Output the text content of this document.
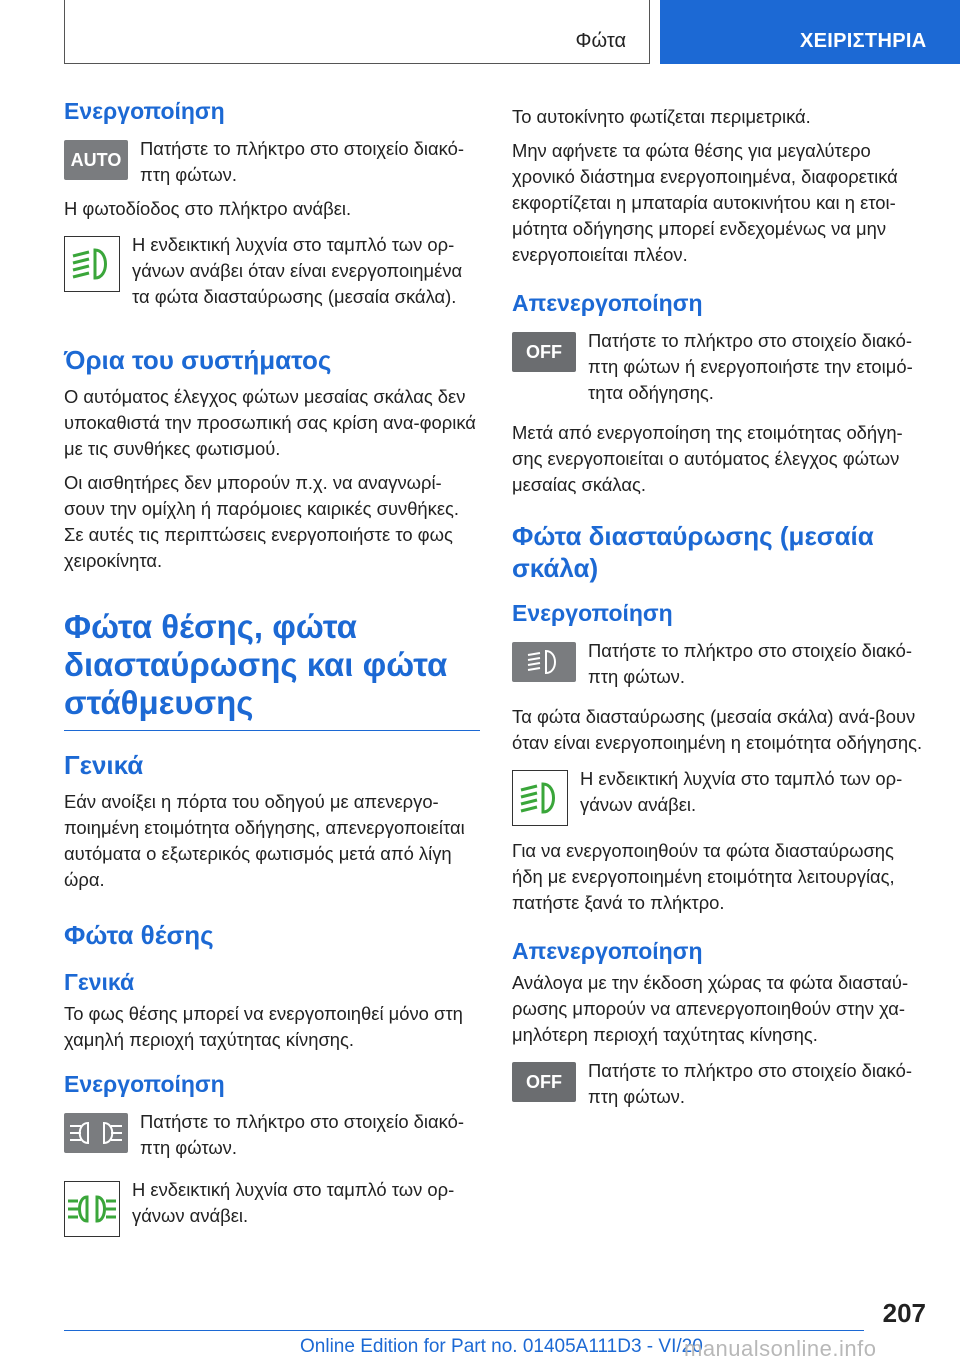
Φώτα	ΧΕΙΡΙΣΤΗΡΙΑ
Ενεργοποίηση
AUTO
Πατήστε το πλήκτρο στο στοιχείο διακό-πτη φώτων.

Η φωτοδίοδος στο πλήκτρο ανάβει.

Η ενδεικτική λυχνία στο ταμπλό των ορ-γάνων ανάβει όταν είναι ενεργοποιημένα τα φώτα διασταύρωσης (μεσαία σκάλα).
Όρια του συστήματος

Ο αυτόματος έλεγχος φώτων μεσαίας σκάλας δεν υποκαθιστά την προσωπική σας κρίση ανα-φορικά με τις συνθήκες φωτισμού.

Οι αισθητήρες δεν μπορούν π.χ. να αναγνωρί-σουν την ομίχλη ή παρόμοιες καιρικές συνθήκες. Σε αυτές τις περιπτώσεις ενεργοποιήστε το φως χειροκίνητα.

Φώτα θέσης, φώτα διασταύρωσης και φώτα στάθμευσης
Γενικά

Εάν ανοίξει η πόρτα του οδηγού με απενεργο-ποιημένη ετοιμότητα οδήγησης, απενεργοποιείται αυτόματα ο εξωτερικός φωτισμός μετά από λίγη ώρα.

Φώτα θέσης
Γενικά

Το φως θέσης μπορεί να ενεργοποιηθεί μόνο στη χαμηλή περιοχή ταχύτητας κίνησης.

Ενεργοποίηση
Πατήστε το πλήκτρο στο στοιχείο διακό-πτη φώτων.
Η ενδεικτική λυχνία στο ταμπλό των ορ-γάνων ανάβει.

Το αυτοκίνητο φωτίζεται περιμετρικά.

Μην αφήνετε τα φώτα θέσης για μεγαλύτερο χρονικό διάστημα ενεργοποιημένα, διαφορετικά εκφορτίζεται η μπαταρία αυτοκινήτου και η ετοι-μότητα οδήγησης μπορεί ενδεχομένως να μην ενεργοποιείται πλέον.

Απενεργοποίηση
OFF
Πατήστε το πλήκτρο στο στοιχείο διακό-πτη φώτων ή ενεργοποιήστε την ετοιμό-τητα οδήγησης.

Μετά από ενεργοποίηση της ετοιμότητας οδήγη-σης ενεργοποιείται ο αυτόματος έλεγχος φώτων μεσαίας σκάλας.

Φώτα διασταύρωσης (μεσαία σκάλα)
Ενεργοποίηση
Πατήστε το πλήκτρο στο στοιχείο διακό-πτη φώτων.

Τα φώτα διασταύρωσης (μεσαία σκάλα) ανά-βουν όταν είναι ενεργοποιημένη η ετοιμότητα οδήγησης.

Η ενδεικτική λυχνία στο ταμπλό των ορ-γάνων ανάβει.

Για να ενεργοποιηθούν τα φώτα διασταύρωσης ήδη με ενεργοποιημένη ετοιμότητα λειτουργίας, πατήστε ξανά το πλήκτρο.

Απενεργοποίηση

Ανάλογα με την έκδοση χώρας τα φώτα διασταύ-ρωσης μπορούν να απενεργοποιηθούν στην χα-μηλότερη περιοχή ταχύτητας κίνησης.

OFF
Πατήστε το πλήκτρο στο στοιχείο διακό-πτη φώτων.
207
Online Edition for Part no. 01405A111D3 - VI/20
manualsonline.info
